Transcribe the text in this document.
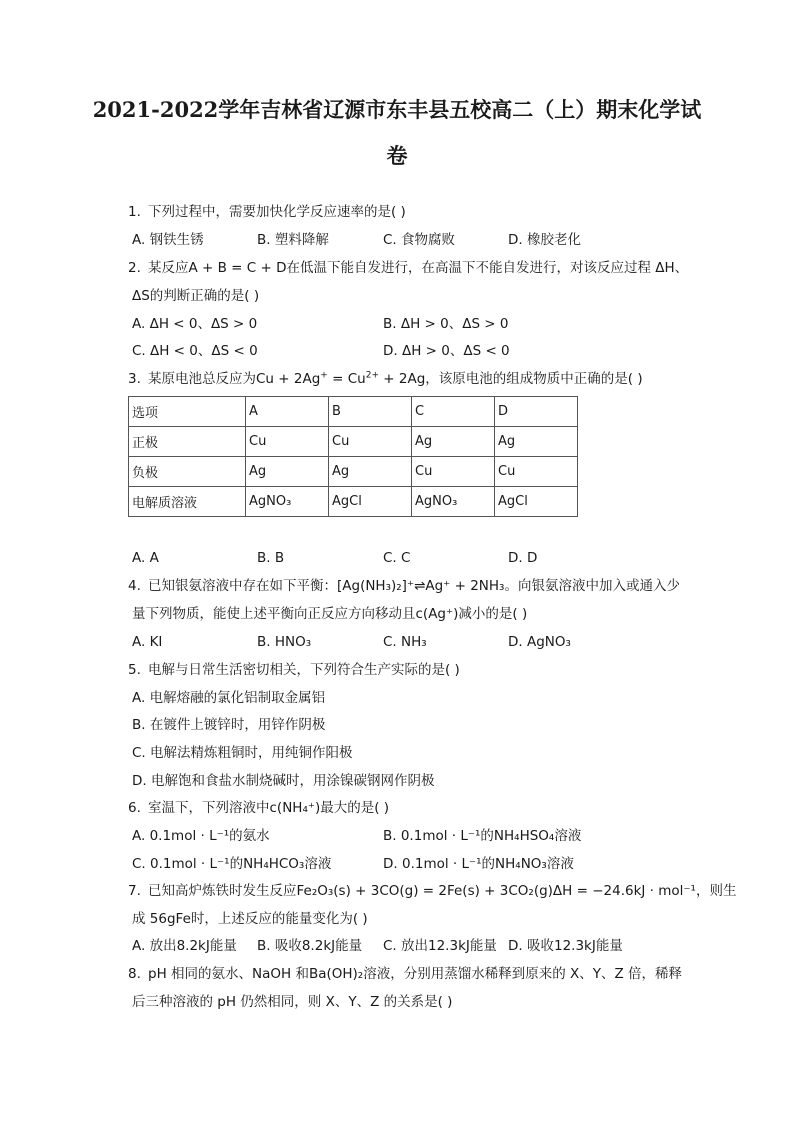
2021-2022学年吉林省辽源市东丰县五校高二（上）期末化学试
卷
1. 下列过程中，需要加快化学反应速率的是( )
A. 钢铁生锈	B. 塑料降解	C. 食物腐败	D. 橡胶老化
2. 某反应A + B = C + D在低温下能自发进行，在高温下不能自发进行，对该反应过程 ΔH、
ΔS的判断正确的是( )
A. ΔH < 0、ΔS > 0	B. ΔH > 0、ΔS > 0
C. ΔH < 0、ΔS < 0	D. ΔH > 0、ΔS < 0
3. 某原电池总反应为$Cu + 2Ag^+ = Cu^{2+} + 2Ag$，该原电池的组成物质中正确的是( )
选项	A	B	C	D
正极	Cu	Cu	Ag	Ag
负极	Ag	Ag	Cu	Cu
电解质溶液	AgNO₃	AgCl	AgNO₃	AgCl
A. A	B. B	C. C	D. D
4. 已知银氨溶液中存在如下平衡：[Ag(NH₃)₂]⁺⇌Ag⁺ + 2NH₃。向银氨溶液中加入或通入少
量下列物质，能使上述平衡向正反应方向移动且c(Ag⁺)减小的是( )
A. KI	B. HNO₃	C. NH₃	D. AgNO₃
5. 电解与日常生活密切相关，下列符合生产实际的是( )
A. 电解熔融的氯化铝制取金属铝
B. 在镀件上镀锌时，用锌作阴极
C. 电解法精炼粗铜时，用纯铜作阳极
D. 电解饱和食盐水制烧碱时，用涂镍碳钢网作阴极
6. 室温下，下列溶液中c(NH₄⁺)最大的是( )
A. 0.1mol · L⁻¹的氨水	B. 0.1mol · L⁻¹的NH₄HSO₄溶液
C. 0.1mol · L⁻¹的NH₄HCO₃溶液	D. 0.1mol · L⁻¹的NH₄NO₃溶液
7. 已知高炉炼铁时发生反应Fe₂O₃(s) + 3CO(g) = 2Fe(s) + 3CO₂(g)ΔH = −24.6kJ · mol⁻¹，则生
成 56gFe时，上述反应的能量变化为( )
A. 放出8.2kJ能量 B. 吸收8.2kJ能量 C. 放出12.3kJ能量 D. 吸收12.3kJ能量
8. pH 相同的氨水、NaOH 和Ba(OH)₂溶液，分别用蒸馏水稀释到原来的 X、Y、Z 倍，稀释
后三种溶液的 pH 仍然相同，则 X、Y、Z 的关系是( )
